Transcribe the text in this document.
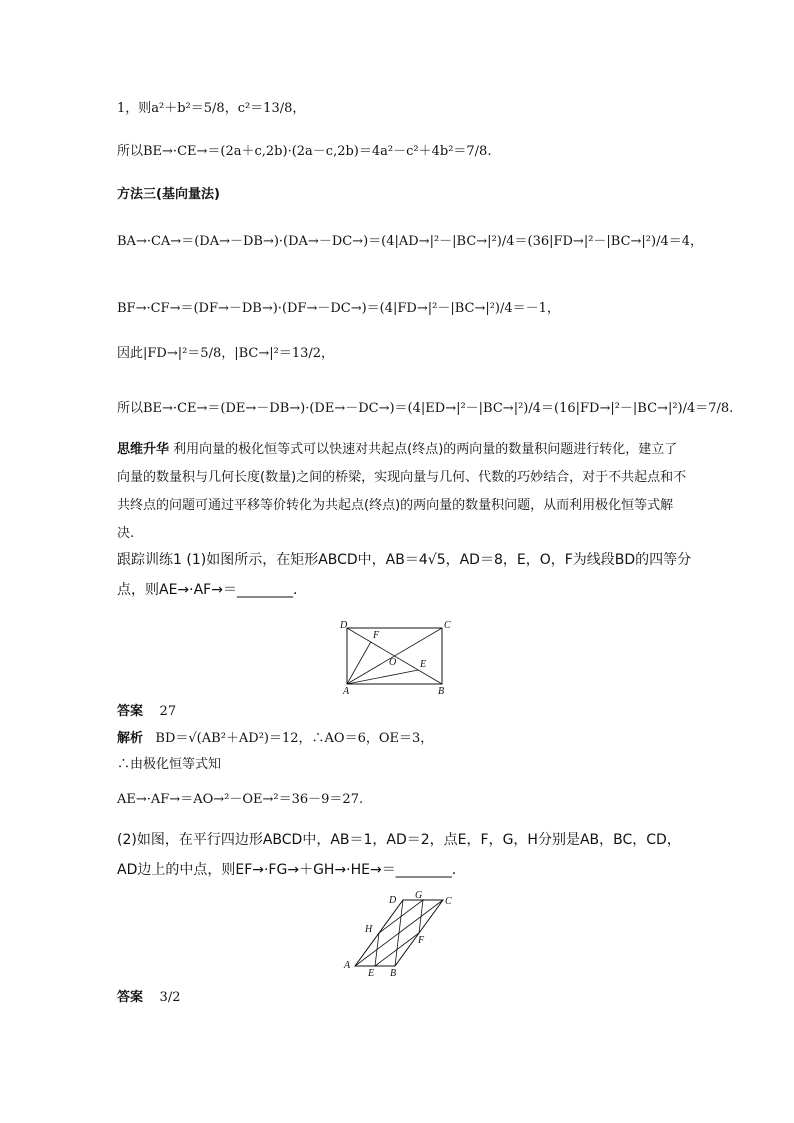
1，则a²＋b²＝5/8，c²＝13/8，
所以BE→·CE→＝(2a＋c,2b)·(2a－c,2b)＝4a²－c²＋4b²＝7/8.
方法三(基向量法)
BA→·CA→＝(DA→－DB→)·(DA→－DC→)＝(4|AD→|²－|BC→|²)/4＝(36|FD→|²－|BC→|²)/4＝4，
BF→·CF→＝(DF→－DB→)·(DF→－DC→)＝(4|FD→|²－|BC→|²)/4＝－1，
因此|FD→|²＝5/8，|BC→|²＝13/2，
所以BE→·CE→＝(DE→－DB→)·(DE→－DC→)＝(4|ED→|²－|BC→|²)/4＝(16|FD→|²－|BC→|²)/4＝7/8.
思维升华 利用向量的极化恒等式可以快速对共起点(终点)的两向量的数量积问题进行转化，建立了向量的数量积与几何长度(数量)之间的桥梁，实现向量与几何、代数的巧妙结合，对于不共起点和不共终点的问题可通过平移等价转化为共起点(终点)的两向量的数量积问题，从而利用极化恒等式解决.
跟踪训练1 (1)如图所示，在矩形ABCD中，AB＝4√5，AD＝8，E，O，F为线段BD的四等分点，则AE→·AF→＝________.
D
F
C
O E
A	B
答案 27
解析 BD＝√(AB²＋AD²)＝12，∴AO＝6，OE＝3，
∴由极化恒等式知
AE→·AF→＝AO→²－OE→²＝36－9＝27.
(2)如图，在平行四边形ABCD中，AB＝1，AD＝2，点E，F，G，H分别是AB，BC，CD，AD边上的中点，则EF→·FG→＋GH→·HE→＝________.
D G
C
H
F
A
E B
答案 3/2
